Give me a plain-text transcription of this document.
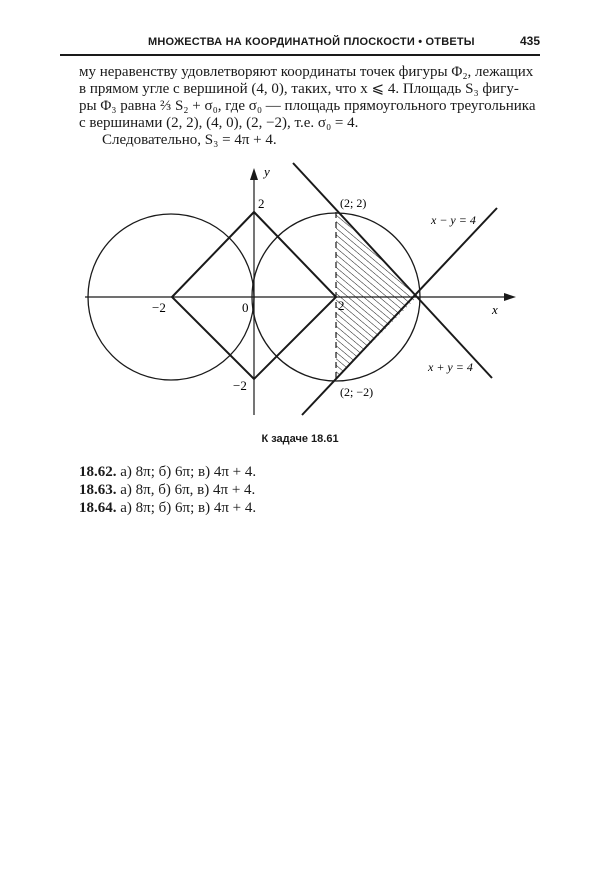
МНОЖЕСТВА НА КООРДИНАТНОЙ ПЛОСКОСТИ • ОТВЕТЫ	435
му неравенству удовлетворяют координаты точек фигуры Φ₂, лежащих
в прямом угле с вершиной (4, 0), таких, что x ⩽ 4. Площадь S₃ фигу-
ры Φ₃ равна ⅔ S₂ + σ₀, где σ₀ — площадь прямоугольного треугольника
с вершинами (2, 2), (4, 0), (2, −2), т.е. σ₀ = 4.
Следовательно, S₃ = 4π + 4.
y
x
0
2
−2
−2	2
(2; 2)
(2; −2)
x − y = 4
x + y = 4
К задаче 18.61
18.62. а) 8π; б) 6π; в) 4π + 4.
18.63. а) 8π, б) 6π, в) 4π + 4.
18.64. а) 8π; б) 6π; в) 4π + 4.
